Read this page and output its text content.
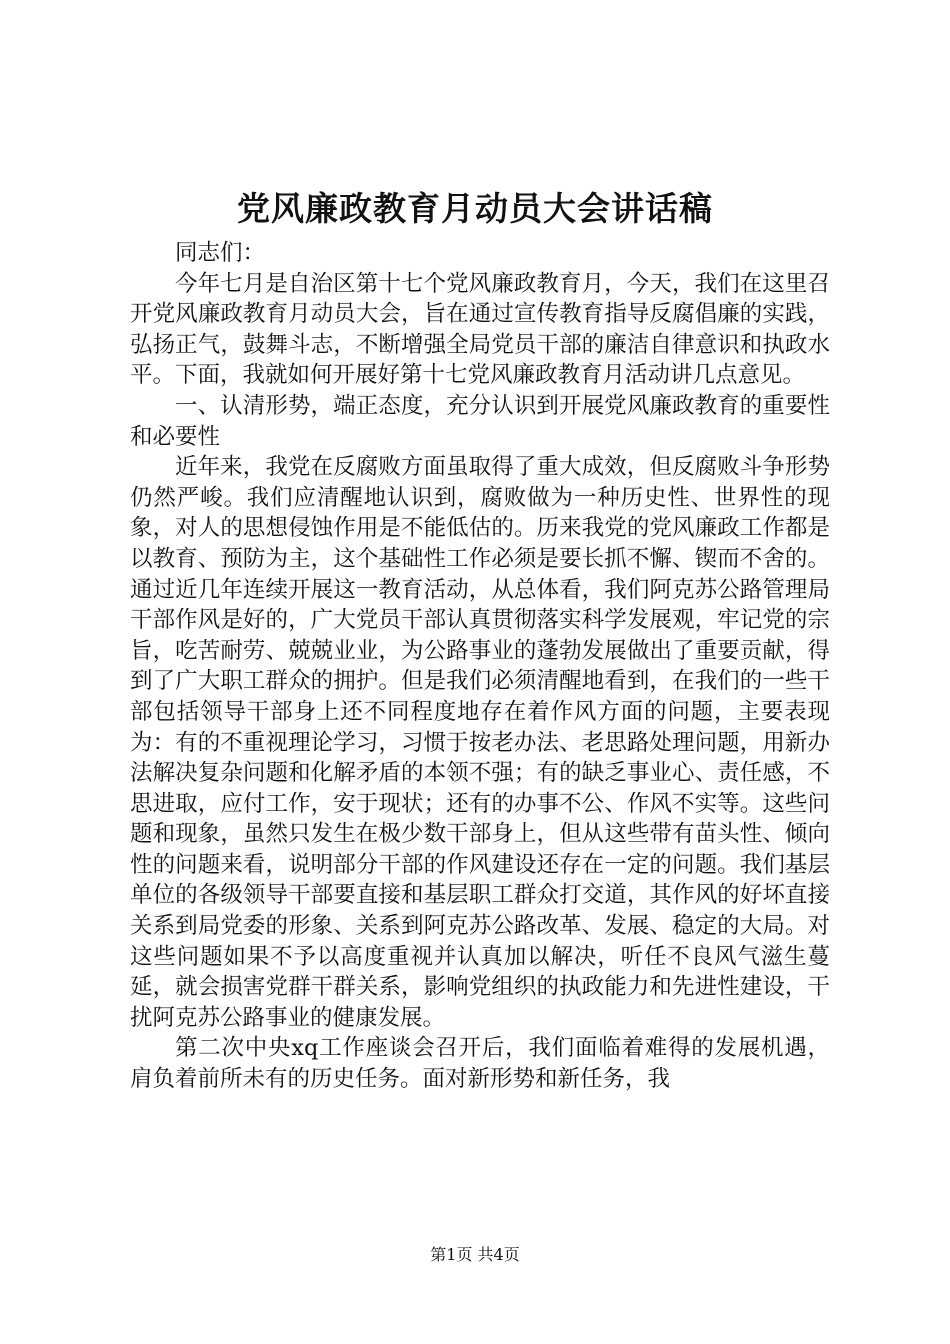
党风廉政教育月动员大会讲话稿

同志们：

今年七月是自治区第十七个党风廉政教育月，今天，我们在这里召开党风廉政教育月动员大会，旨在通过宣传教育指导反腐倡廉的实践，弘扬正气，鼓舞斗志，不断增强全局党员干部的廉洁自律意识和执政水平。下面，我就如何开展好第十七党风廉政教育月活动讲几点意见。

一、认清形势，端正态度，充分认识到开展党风廉政教育的重要性和必要性

近年来，我党在反腐败方面虽取得了重大成效，但反腐败斗争形势仍然严峻。我们应清醒地认识到，腐败做为一种历史性、世界性的现象，对人的思想侵蚀作用是不能低估的。历来我党的党风廉政工作都是以教育、预防为主，这个基础性工作必须是要长抓不懈、锲而不舍的。通过近几年连续开展这一教育活动，从总体看，我们阿克苏公路管理局干部作风是好的，广大党员干部认真贯彻落实科学发展观，牢记党的宗旨，吃苦耐劳、兢兢业业，为公路事业的蓬勃发展做出了重要贡献，得到了广大职工群众的拥护。但是我们必须清醒地看到，在我们的一些干部包括领导干部身上还不同程度地存在着作风方面的问题，主要表现为：有的不重视理论学习，习惯于按老办法、老思路处理问题，用新办法解决复杂问题和化解矛盾的本领不强；有的缺乏事业心、责任感，不思进取，应付工作，安于现状；还有的办事不公、作风不实等。这些问题和现象，虽然只发生在极少数干部身上，但从这些带有苗头性、倾向性的问题来看，说明部分干部的作风建设还存在一定的问题。我们基层单位的各级领导干部要直接和基层职工群众打交道，其作风的好坏直接关系到局党委的形象、关系到阿克苏公路改革、发展、稳定的大局。对这些问题如果不予以高度重视并认真加以解决，听任不良风气滋生蔓延，就会损害党群干群关系，影响党组织的执政能力和先进性建设，干扰阿克苏公路事业的健康发展。

第二次中央xq工作座谈会召开后，我们面临着难得的发展机遇，肩负着前所未有的历史任务。面对新形势和新任务，我

第1页 共4页
